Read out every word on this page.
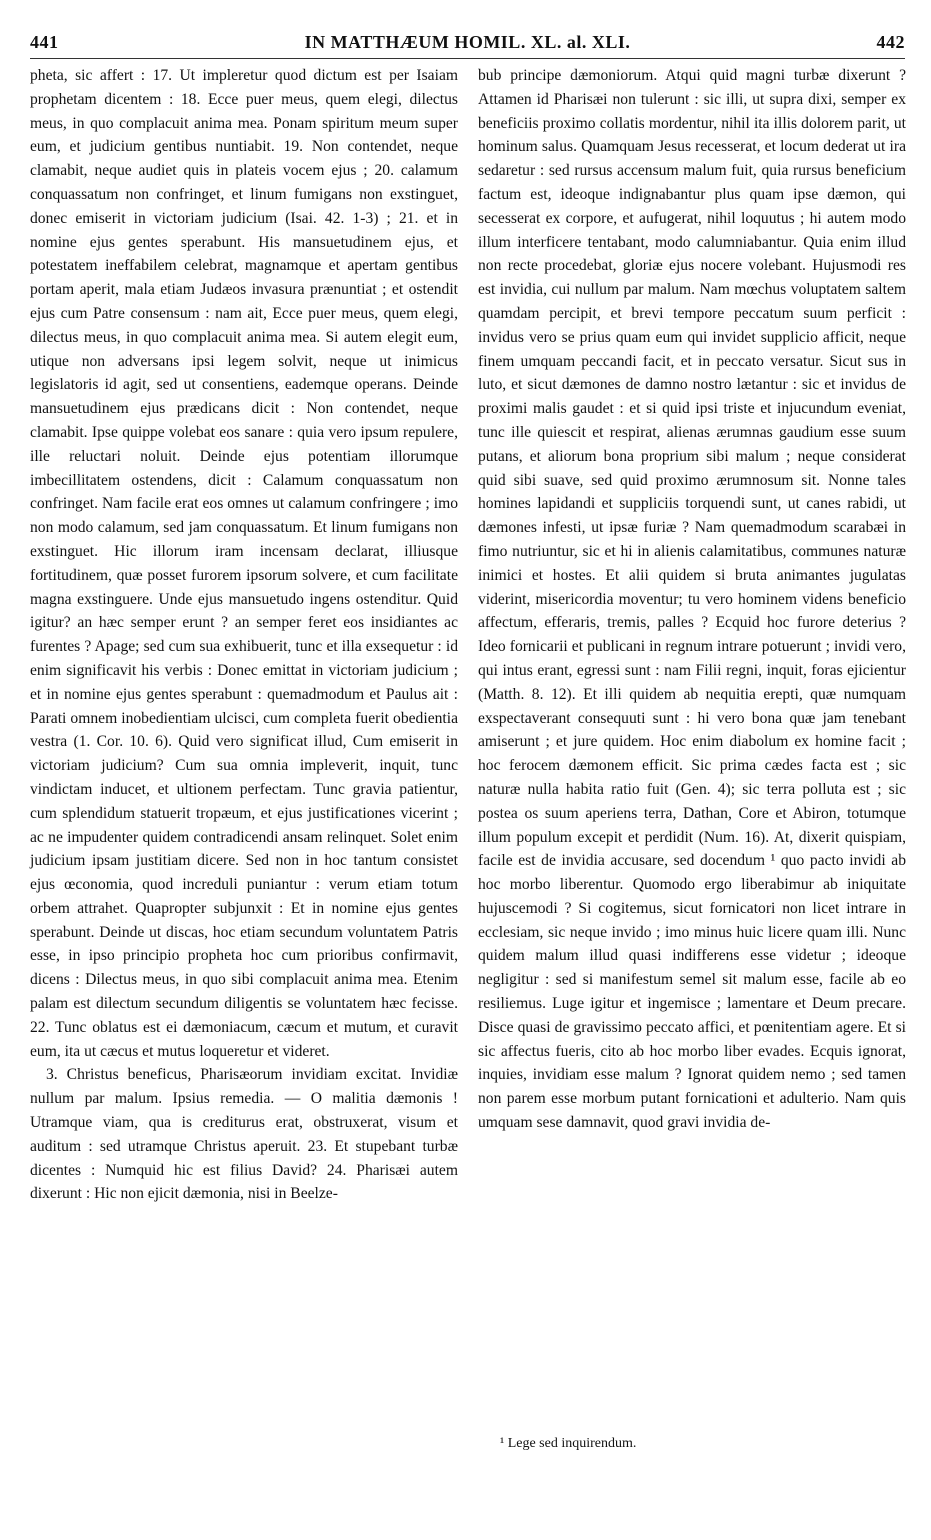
441	IN MATTHÆUM HOMIL. XL. al. XLI.	442

pheta, sic affert : 17. Ut impleretur quod dictum est per Isaiam prophetam dicentem : 18. Ecce puer meus, quem elegi, dilectus meus, in quo complacuit anima mea. Ponam spiritum meum super eum, et judicium gentibus nuntiabit. 19. Non contendet, neque clamabit, neque audiet quis in plateis vocem ejus ; 20. calamum conquassatum non confringet, et linum fumigans non exstinguet, donec emiserit in victoriam judicium (Isai. 42. 1-3) ; 21. et in nomine ejus gentes sperabunt. His mansuetudinem ejus, et potestatem ineffabilem celebrat, magnamque et apertam gentibus portam aperit, mala etiam Judæos invasura prænuntiat ; et ostendit ejus cum Patre consensum : nam ait, Ecce puer meus, quem elegi, dilectus meus, in quo complacuit anima mea. Si autem elegit eum, utique non adversans ipsi legem solvit, neque ut inimicus legislatoris id agit, sed ut consentiens, eademque operans. Deinde mansuetudinem ejus prædicans dicit : Non contendet, neque clamabit. Ipse quippe volebat eos sanare : quia vero ipsum repulere, ille reluctari noluit. Deinde ejus potentiam illorumque imbecillitatem ostendens, dicit : Calamum conquassatum non confringet. Nam facile erat eos omnes ut calamum confringere ; imo non modo calamum, sed jam conquassatum. Et linum fumigans non exstinguet. Hic illorum iram incensam declarat, illiusque fortitudinem, quæ posset furorem ipsorum solvere, et cum facilitate magna exstinguere. Unde ejus mansuetudo ingens ostenditur. Quid igitur? an hæc semper erunt ? an semper feret eos insidiantes ac furentes ? Apage; sed cum sua exhibuerit, tunc et illa exsequetur : id enim significavit his verbis : Donec emittat in victoriam judicium ; et in nomine ejus gentes sperabunt : quemadmodum et Paulus ait : Parati omnem inobedientiam ulcisci, cum completa fuerit obedientia vestra (1. Cor. 10. 6). Quid vero significat illud, Cum emiserit in victoriam judicium? Cum sua omnia impleverit, inquit, tunc vindictam inducet, et ultionem perfectam. Tunc gravia patientur, cum splendidum statuerit tropæum, et ejus justificationes vicerint ; ac ne impudenter quidem contradicendi ansam relinquet. Solet enim judicium ipsam justitiam dicere. Sed non in hoc tantum consistet ejus œconomia, quod increduli puniantur : verum etiam totum orbem attrahet. Quapropter subjunxit : Et in nomine ejus gentes sperabunt. Deinde ut discas, hoc etiam secundum voluntatem Patris esse, in ipso principio propheta hoc cum prioribus confirmavit, dicens : Dilectus meus, in quo sibi complacuit anima mea. Etenim palam est dilectum secundum diligentis se voluntatem hæc fecisse. 22. Tunc oblatus est ei dæmoniacum, cæcum et mutum, et curavit eum, ita ut cæcus et mutus loqueretur et videret.

3. Christus beneficus, Pharisæorum invidiam excitat. Invidiæ nullum par malum. Ipsius remedia. — O malitia dæmonis ! Utramque viam, qua is crediturus erat, obstruxerat, visum et auditum : sed utramque Christus aperuit. 23. Et stupebant turbæ dicentes : Numquid hic est filius David? 24. Pharisæi autem dixerunt : Hic non ejicit dæmonia, nisi in Beelze-

bub principe dæmoniorum. Atqui quid magni turbæ dixerunt ? Attamen id Pharisæi non tulerunt : sic illi, ut supra dixi, semper ex beneficiis proximo collatis mordentur, nihil ita illis dolorem parit, ut hominum salus. Quamquam Jesus recesserat, et locum dederat ut ira sedaretur : sed rursus accensum malum fuit, quia rursus beneficium factum est, ideoque indignabantur plus quam ipse dæmon, qui secesserat ex corpore, et aufugerat, nihil loquutus ; hi autem modo illum interficere tentabant, modo calumniabantur. Quia enim illud non recte procedebat, gloriæ ejus nocere volebant. Hujusmodi res est invidia, cui nullum par malum. Nam mœchus voluptatem saltem quamdam percipit, et brevi tempore peccatum suum perficit : invidus vero se prius quam eum qui invidet supplicio afficit, neque finem umquam peccandi facit, et in peccato versatur. Sicut sus in luto, et sicut dæmones de damno nostro lætantur : sic et invidus de proximi malis gaudet : et si quid ipsi triste et injucundum eveniat, tunc ille quiescit et respirat, alienas ærumnas gaudium esse suum putans, et aliorum bona proprium sibi malum ; neque considerat quid sibi suave, sed quid proximo ærumnosum sit. Nonne tales homines lapidandi et suppliciis torquendi sunt, ut canes rabidi, ut dæmones infesti, ut ipsæ furiæ ? Nam quemadmodum scarabæi in fimo nutriuntur, sic et hi in alienis calamitatibus, communes naturæ inimici et hostes. Et alii quidem si bruta animantes jugulatas viderint, misericordia moventur; tu vero hominem videns beneficio affectum, efferaris, tremis, palles ? Ecquid hoc furore deterius ? Ideo fornicarii et publicani in regnum intrare potuerunt ; invidi vero, qui intus erant, egressi sunt : nam Filii regni, inquit, foras ejicientur (Matth. 8. 12). Et illi quidem ab nequitia erepti, quæ numquam exspectaverant consequuti sunt : hi vero bona quæ jam tenebant amiserunt ; et jure quidem. Hoc enim diabolum ex homine facit ; hoc ferocem dæmonem efficit. Sic prima cædes facta est ; sic naturæ nulla habita ratio fuit (Gen. 4); sic terra polluta est ; sic postea os suum aperiens terra, Dathan, Core et Abiron, totumque illum populum excepit et perdidit (Num. 16). At, dixerit quispiam, facile est de invidia accusare, sed docendum ¹ quo pacto invidi ab hoc morbo liberentur. Quomodo ergo liberabimur ab iniquitate hujuscemodi ? Si cogitemus, sicut fornicatori non licet intrare in ecclesiam, sic neque invido ; imo minus huic licere quam illi. Nunc quidem malum illud quasi indifferens esse videtur ; ideoque negligitur : sed si manifestum semel sit malum esse, facile ab eo resiliemus. Luge igitur et ingemisce ; lamentare et Deum precare. Disce quasi de gravissimo peccato affici, et pœnitentiam agere. Et si sic affectus fueris, cito ab hoc morbo liber evades. Ecquis ignorat, inquies, invidiam esse malum ? Ignorat quidem nemo ; sed tamen non parem esse morbum putant fornicationi et adulterio. Nam quis umquam sese damnavit, quod gravi invidia de-

¹ Lege sed inquirendum.
